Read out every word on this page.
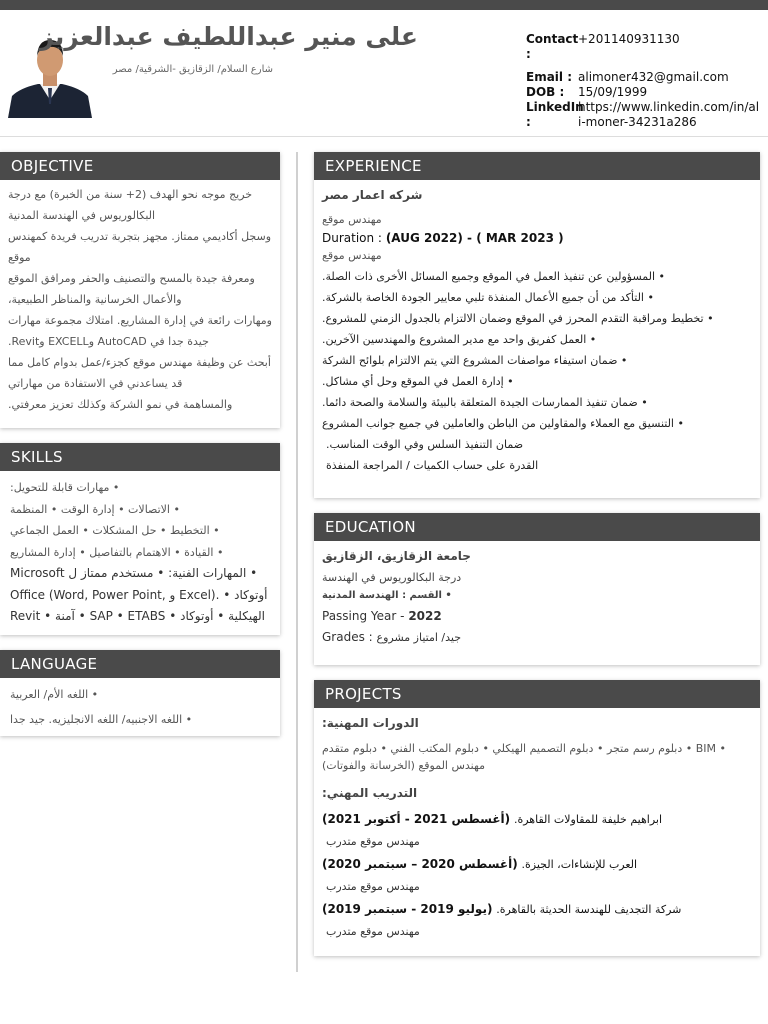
على منير عبداللطيف عبدالعزيز
شارع السلام/ الزقازيق -الشرقية/ مصر
Contact :
+201140931130
Email : alimoner432@gmail.com
DOB :	15/09/1999
LinkedIn :
https://www.linkedin.com/in/ali-moner-34231a286
OBJECTIVE
خريج موجه نحو الهدف (2+ سنة من الخبرة) مع درجة
البكالوريوس في الهندسة المدنية
وسجل أكاديمي ممتاز. مجهز بتجربة تدريب فريدة كمهندس
موقع
ومعرفة جيدة بالمسح والتصنيف والحفر ومرافق الموقع
والأعمال الخرسانية والمناظر الطبيعية،
ومهارات رائعة في إدارة المشاريع. امتلاك مجموعة مهارات
جيدة جدا في AutoCAD وEXCELL وRevit.
أبحث عن وظيفة مهندس موقع كجزء/عمل بدوام كامل مما
قد يساعدني في الاستفادة من مهاراتي
والمساهمة في نمو الشركة وكذلك تعزيز معرفتي.
SKILLS
• مهارات قابلة للتحويل:
• الاتصالات • إدارة الوقت • المنظمة
• التخطيط • حل المشكلات • العمل الجماعي
• القيادة • الاهتمام بالتفاصيل • إدارة المشاريع
• المهارات الفنية: • مستخدم ممتاز ل Microsoft
Office (Word, Power Point, و Excel). • أوتوكاد
الهيكلية • أوتوكاد • SAP • ETABS • آمنة • Revit
LANGUAGE
• اللغه الأم/ العربية
• اللغه الاجنبيه/ اللغه الانجليزيه. جيد جدا
EXPERIENCE
شركه اعمار مصر
مهندس موقع
Duration : (AUG 2022) - ( MAR 2023 )
مهندس موقع
• المسؤولين عن تنفيذ العمل في الموقع وجميع المسائل الأخرى ذات الصلة.
• التأكد من أن جميع الأعمال المنفذة تلبي معايير الجودة الخاصة بالشركة.
• تخطيط ومراقبة التقدم المحرز في الموقع وضمان الالتزام بالجدول الزمني للمشروع.
• العمل كفريق واحد مع مدير المشروع والمهندسين الآخرين.
• ضمان استيفاء مواصفات المشروع التي يتم الالتزام بلوائح الشركة
• إدارة العمل في الموقع وحل أي مشاكل.
• ضمان تنفيذ الممارسات الجيدة المتعلقة بالبيئة والسلامة والصحة دائما.
• التنسيق مع العملاء والمقاولين من الباطن والعاملين في جميع جوانب المشروع
ضمان التنفيذ السلس وفي الوقت المناسب.
القدرة على حساب الكميات / المراجعة المنفذة
EDUCATION
جامعة الزقازيق، الزقازيق
درجة البكالوريوس في الهندسة
• القسم : الهندسة المدنية
Passing Year - 2022
Grades : جيد/ امتياز مشروع
PROJECTS
الدورات المهنية:
• BIM • دبلوم رسم متجر • دبلوم التصميم الهيكلي • دبلوم المكتب الفني • دبلوم متقدم
مهندس الموقع (الخرسانة والفوتات)
التدريب المهني:
ابراهيم خليفة للمقاولات القاهرة. (أغسطس 2021 - أكتوبر 2021)
مهندس موقع متدرب
العرب للإنشاءات، الجيزة. (أغسطس 2020 – سبتمبر 2020)
مهندس موقع متدرب
شركة التجديف للهندسة الحديثة بالقاهرة. (يوليو 2019 - سبتمبر 2019)
مهندس موقع متدرب
